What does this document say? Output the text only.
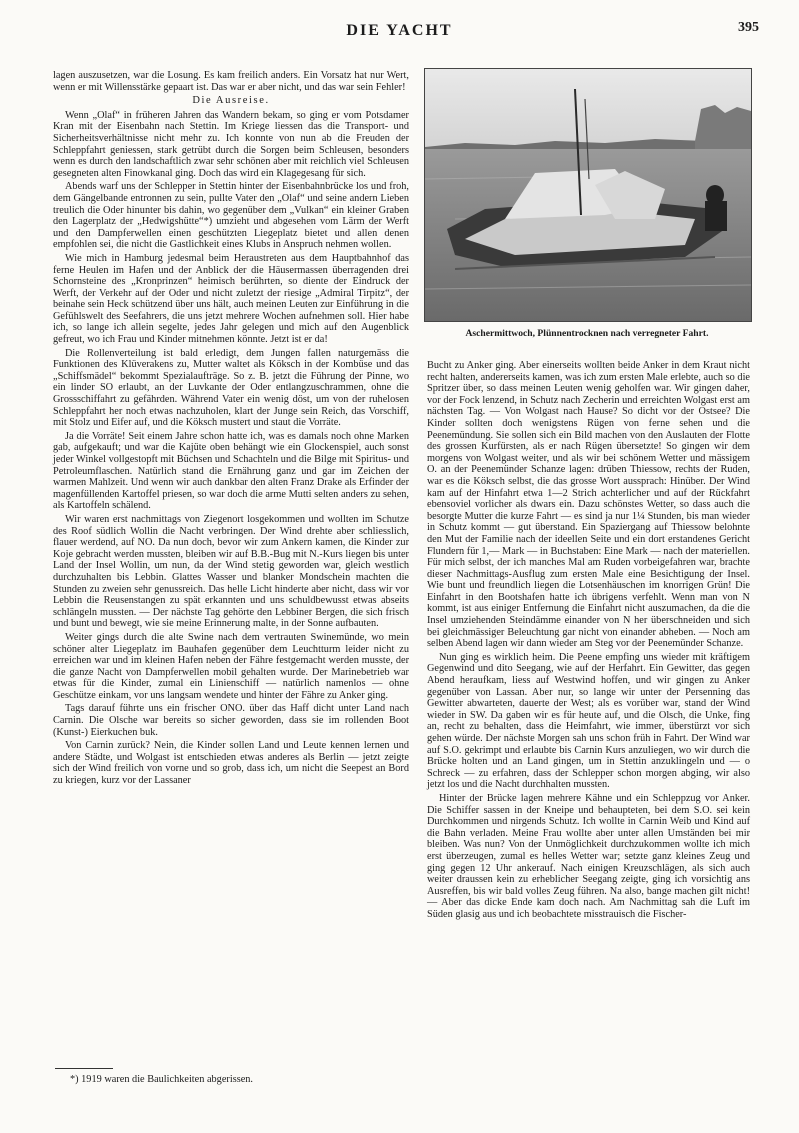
DIE YACHT	395
Aschermittwoch, Plünnentrocknen nach verregneter Fahrt.

lagen auszusetzen, war die Losung. Es kam freilich anders. Ein Vorsatz hat nur Wert, wenn er mit Willensstärke gepaart ist. Das war er aber nicht, und das war sein Fehler!

Die Ausreise.

Wenn „Olaf“ in früheren Jahren das Wandern bekam, so ging er vom Potsdamer Kran mit der Eisenbahn nach Stettin. Im Kriege liessen das die Transport- und Sicherheitsverhältnisse nicht mehr zu. Ich konnte von nun ab die Freuden der Schleppfahrt geniessen, stark getrübt durch die Sorgen beim Schleusen, besonders wenn es durch den landschaftlich zwar sehr schönen aber mit reichlich viel Schleusen gesegneten alten Finowkanal ging. Doch das wird ein Klagegesang für sich.

Abends warf uns der Schlepper in Stettin hinter der Eisenbahnbrücke los und froh, dem Gängelbande entronnen zu sein, pullte Vater den „Olaf“ und seine andern Lieben treulich die Oder hinunter bis dahin, wo gegenüber dem „Vulkan“ ein kleiner Graben den Lagerplatz der „Hedwigshütte“*) umzieht und abgesehen vom Lärm der Werft und den Dampferwellen einen geschützten Liegeplatz bietet und allen denen empfohlen sei, die nicht die Gastlichkeit eines Klubs in Anspruch nehmen wollen.

Wie mich in Hamburg jedesmal beim Heraustreten aus dem Hauptbahnhof das ferne Heulen im Hafen und der Anblick der die Häusermassen überragenden drei Schornsteine des „Kronprinzen“ heimisch berührten, so diente der Eindruck der Werft, der Verkehr auf der Oder und nicht zuletzt der riesige „Admiral Tirpitz“, der beinahe sein Heck schützend über uns hält, auch meinen Leuten zur Einführung in die Gefühlswelt des Seefahrers, die uns jetzt mehrere Wochen aufnehmen soll. Hier habe ich, so lange ich allein segelte, jedes Jahr gelegen und mich auf den Augenblick gefreut, wo ich Frau und Kinder mitnehmen könnte. Jetzt ist er da!

Die Rollenverteilung ist bald erledigt, dem Jungen fallen naturgemäss die Funktionen des Klüverakens zu, Mutter waltet als Köksch in der Kombüse und das „Schiffsmädel“ bekommt Spezialaufträge. So z. B. jetzt die Führung der Pinne, wo ein linder SO erlaubt, an der Luvkante der Oder entlangzuschrammen, ohne die Grossschiffahrt zu gefährden. Während Vater ein wenig döst, um von der ruhelosen Schleppfahrt her noch etwas nachzuholen, klart der Junge sein Reich, das Vorschiff, mit Stolz und Eifer auf, und die Köksch mustert und staut die Vorräte.

Ja die Vorräte! Seit einem Jahre schon hatte ich, was es damals noch ohne Marken gab, aufgekauft; und war die Kajüte oben behängt wie ein Glockenspiel, auch sonst jeder Winkel vollgestopft mit Büchsen und Schachteln und die Bilge mit Spiritus- und Petroleumflaschen. Natürlich stand die Ernährung ganz und gar im Zeichen der warmen Mahlzeit. Und wenn wir auch dankbar den alten Franz Drake als Erfinder der magenfüllenden Kartoffel priesen, so war doch die arme Mutti selten anders zu sehen, als Kartoffeln schälend.

Wir waren erst nachmittags von Ziegenort losgekommen und wollten im Schutze des Roof südlich Wollin die Nacht verbringen. Der Wind drehte aber schliesslich, flauer werdend, auf NO. Da nun doch, bevor wir zum Ankern kamen, die Kinder zur Koje gebracht werden mussten, bleiben wir auf B.B.-Bug mit N.-Kurs liegen bis unter Land der Insel Wollin, um nun, da der Wind stetig geworden war, gleich westlich durchzuhalten bis Lebbin. Glattes Wasser und blanker Mondschein machten die Stunden zu zweien sehr genussreich. Das helle Licht hinderte aber nicht, dass wir vor Lebbin die Reusenstangen zu spät erkannten und uns schuldbewusst etwas abseits schlängeln mussten. — Der nächste Tag gehörte den Lebbiner Bergen, die sich frisch und bunt und bewegt, wie sie meine Erinnerung malte, in der Sonne aufbauten.

Weiter gings durch die alte Swine nach dem vertrauten Swinemünde, wo mein schöner alter Liegeplatz im Bauhafen gegenüber dem Leuchtturm leider nicht zu erreichen war und im kleinen Hafen neben der Fähre festgemacht werden musste, der die ganze Nacht von Dampferwellen mobil gehalten wurde. Der Marinebetrieb war etwas für die Kinder, zumal ein Linienschiff — natürlich namenlos — ohne Geschütze einkam, vor uns langsam wendete und hinter der Fähre zu Anker ging.

Tags darauf führte uns ein frischer ONO. über das Haff dicht unter Land nach Carnin. Die Olsche war bereits so sicher geworden, dass sie im rollenden Boot (Kunst-) Eierkuchen buk.

Von Carnin zurück? Nein, die Kinder sollen Land und Leute kennen lernen und andere Städte, und Wolgast ist entschieden etwas anderes als Berlin — jetzt zeigte sich der Wind freilich von vorne und so grob, dass ich, um nicht die Seepest an Bord zu kriegen, kurz vor der Lassaner

*) 1919 waren die Baulichkeiten abgerissen.

Bucht zu Anker ging. Aber einerseits wollten beide Anker in dem Kraut nicht recht halten, andererseits kamen, was ich zum ersten Male erlebte, auch so die Spritzer über, so dass meinen Leuten wenig geholfen war. Wir gingen daher, vor der Fock lenzend, in Schutz nach Zecherin und erreichten Wolgast erst am nächsten Tag. — Von Wolgast nach Hause? So dicht vor der Ostsee? Die Kinder sollten doch wenigstens Rügen von ferne sehen und die Peenemündung. Sie sollen sich ein Bild machen von den Auslauten der Flotte des grossen Kurfürsten, als er nach Rügen übersetzte! So gingen wir dem morgens von Wolgast weiter, und als wir bei schönem Wetter und mässigem O. an der Peenemünder Schanze lagen: drüben Thiessow, rechts der Ruden, war es die Köksch selbst, die das grosse Wort aussprach: Hinüber. Der Wind kam auf der Hinfahrt etwa 1—2 Strich achterlicher und auf der Rückfahrt ebensoviel vorlicher als dwars ein. Dazu schönstes Wetter, so dass auch die besorgte Mutter die kurze Fahrt — es sind ja nur 1¼ Stunden, bis man wieder in Schutz kommt — gut überstand. Ein Spaziergang auf Thiessow belohnte den Mut der Familie nach der ideellen Seite und ein dort erstandenes Gericht Flundern für 1,— Mark — in Buchstaben: Eine Mark — nach der materiellen. Für mich selbst, der ich manches Mal am Ruden vorbeigefahren war, brachte dieser Nachmittags-Ausflug zum ersten Male eine Besichtigung der Insel. Wie bunt und freundlich liegen die Lotsenhäuschen im knorrigen Grün! Die Einfahrt in den Bootshafen hatte ich übrigens verfehlt. Wenn man von N kommt, ist aus einiger Entfernung die Einfahrt nicht auszumachen, da die die Insel umziehenden Steindämme einander von N her überschneiden und sich bei gleichmässiger Beleuchtung gar nicht von einander abheben. — Noch am selben Abend lagen wir dann wieder am Steg vor der Peenemünder Schanze.

Nun ging es wirklich heim. Die Peene empfing uns wieder mit kräftigem Gegenwind und dito Seegang, wie auf der Herfahrt. Ein Gewitter, das gegen Abend heraufkam, liess auf Westwind hoffen, und wir gingen zu Anker gegenüber von Lassan. Aber nur, so lange wir unter der Persenning das Gewitter abwarteten, dauerte der West; als es vorüber war, stand der Wind wieder in SW. Da gaben wir es für heute auf, und die Olsch, die Unke, fing an, recht zu behalten, dass die Heimfahrt, wie immer, überstürzt vor sich gehen würde. Der nächste Morgen sah uns schon früh in Fahrt. Der Wind war auf S.O. gekrimpt und erlaubte bis Carnin Kurs anzuliegen, wo wir durch die Brücke holten und an Land gingen, um in Stettin anzuklingeln und — o Schreck — zu erfahren, dass der Schlepper schon morgen abging, wir also jetzt los und die Nacht durchhalten mussten.

Hinter der Brücke lagen mehrere Kähne und ein Schleppzug vor Anker. Die Schiffer sassen in der Kneipe und behaupteten, bei dem S.O. sei kein Durchkommen und nirgends Schutz. Ich wollte in Carnin Weib und Kind auf die Bahn verladen. Meine Frau wollte aber unter allen Umständen bei mir bleiben. Was nun? Von der Unmöglichkeit durchzukommen wollte ich mich erst überzeugen, zumal es helles Wetter war; setzte ganz kleines Zeug und ging gegen 12 Uhr ankerauf. Nach einigen Kreuzschlägen, als sich auch weiter draussen kein zu erheblicher Seegang zeigte, ging ich vorsichtig ans Ausreffen, bis wir bald volles Zeug führen. Na also, bange machen gilt nicht! — Aber das dicke Ende kam doch nach. Am Nachmittag sah die Luft im Süden glasig aus und ich beobachtete misstrauisch die Fischer-
